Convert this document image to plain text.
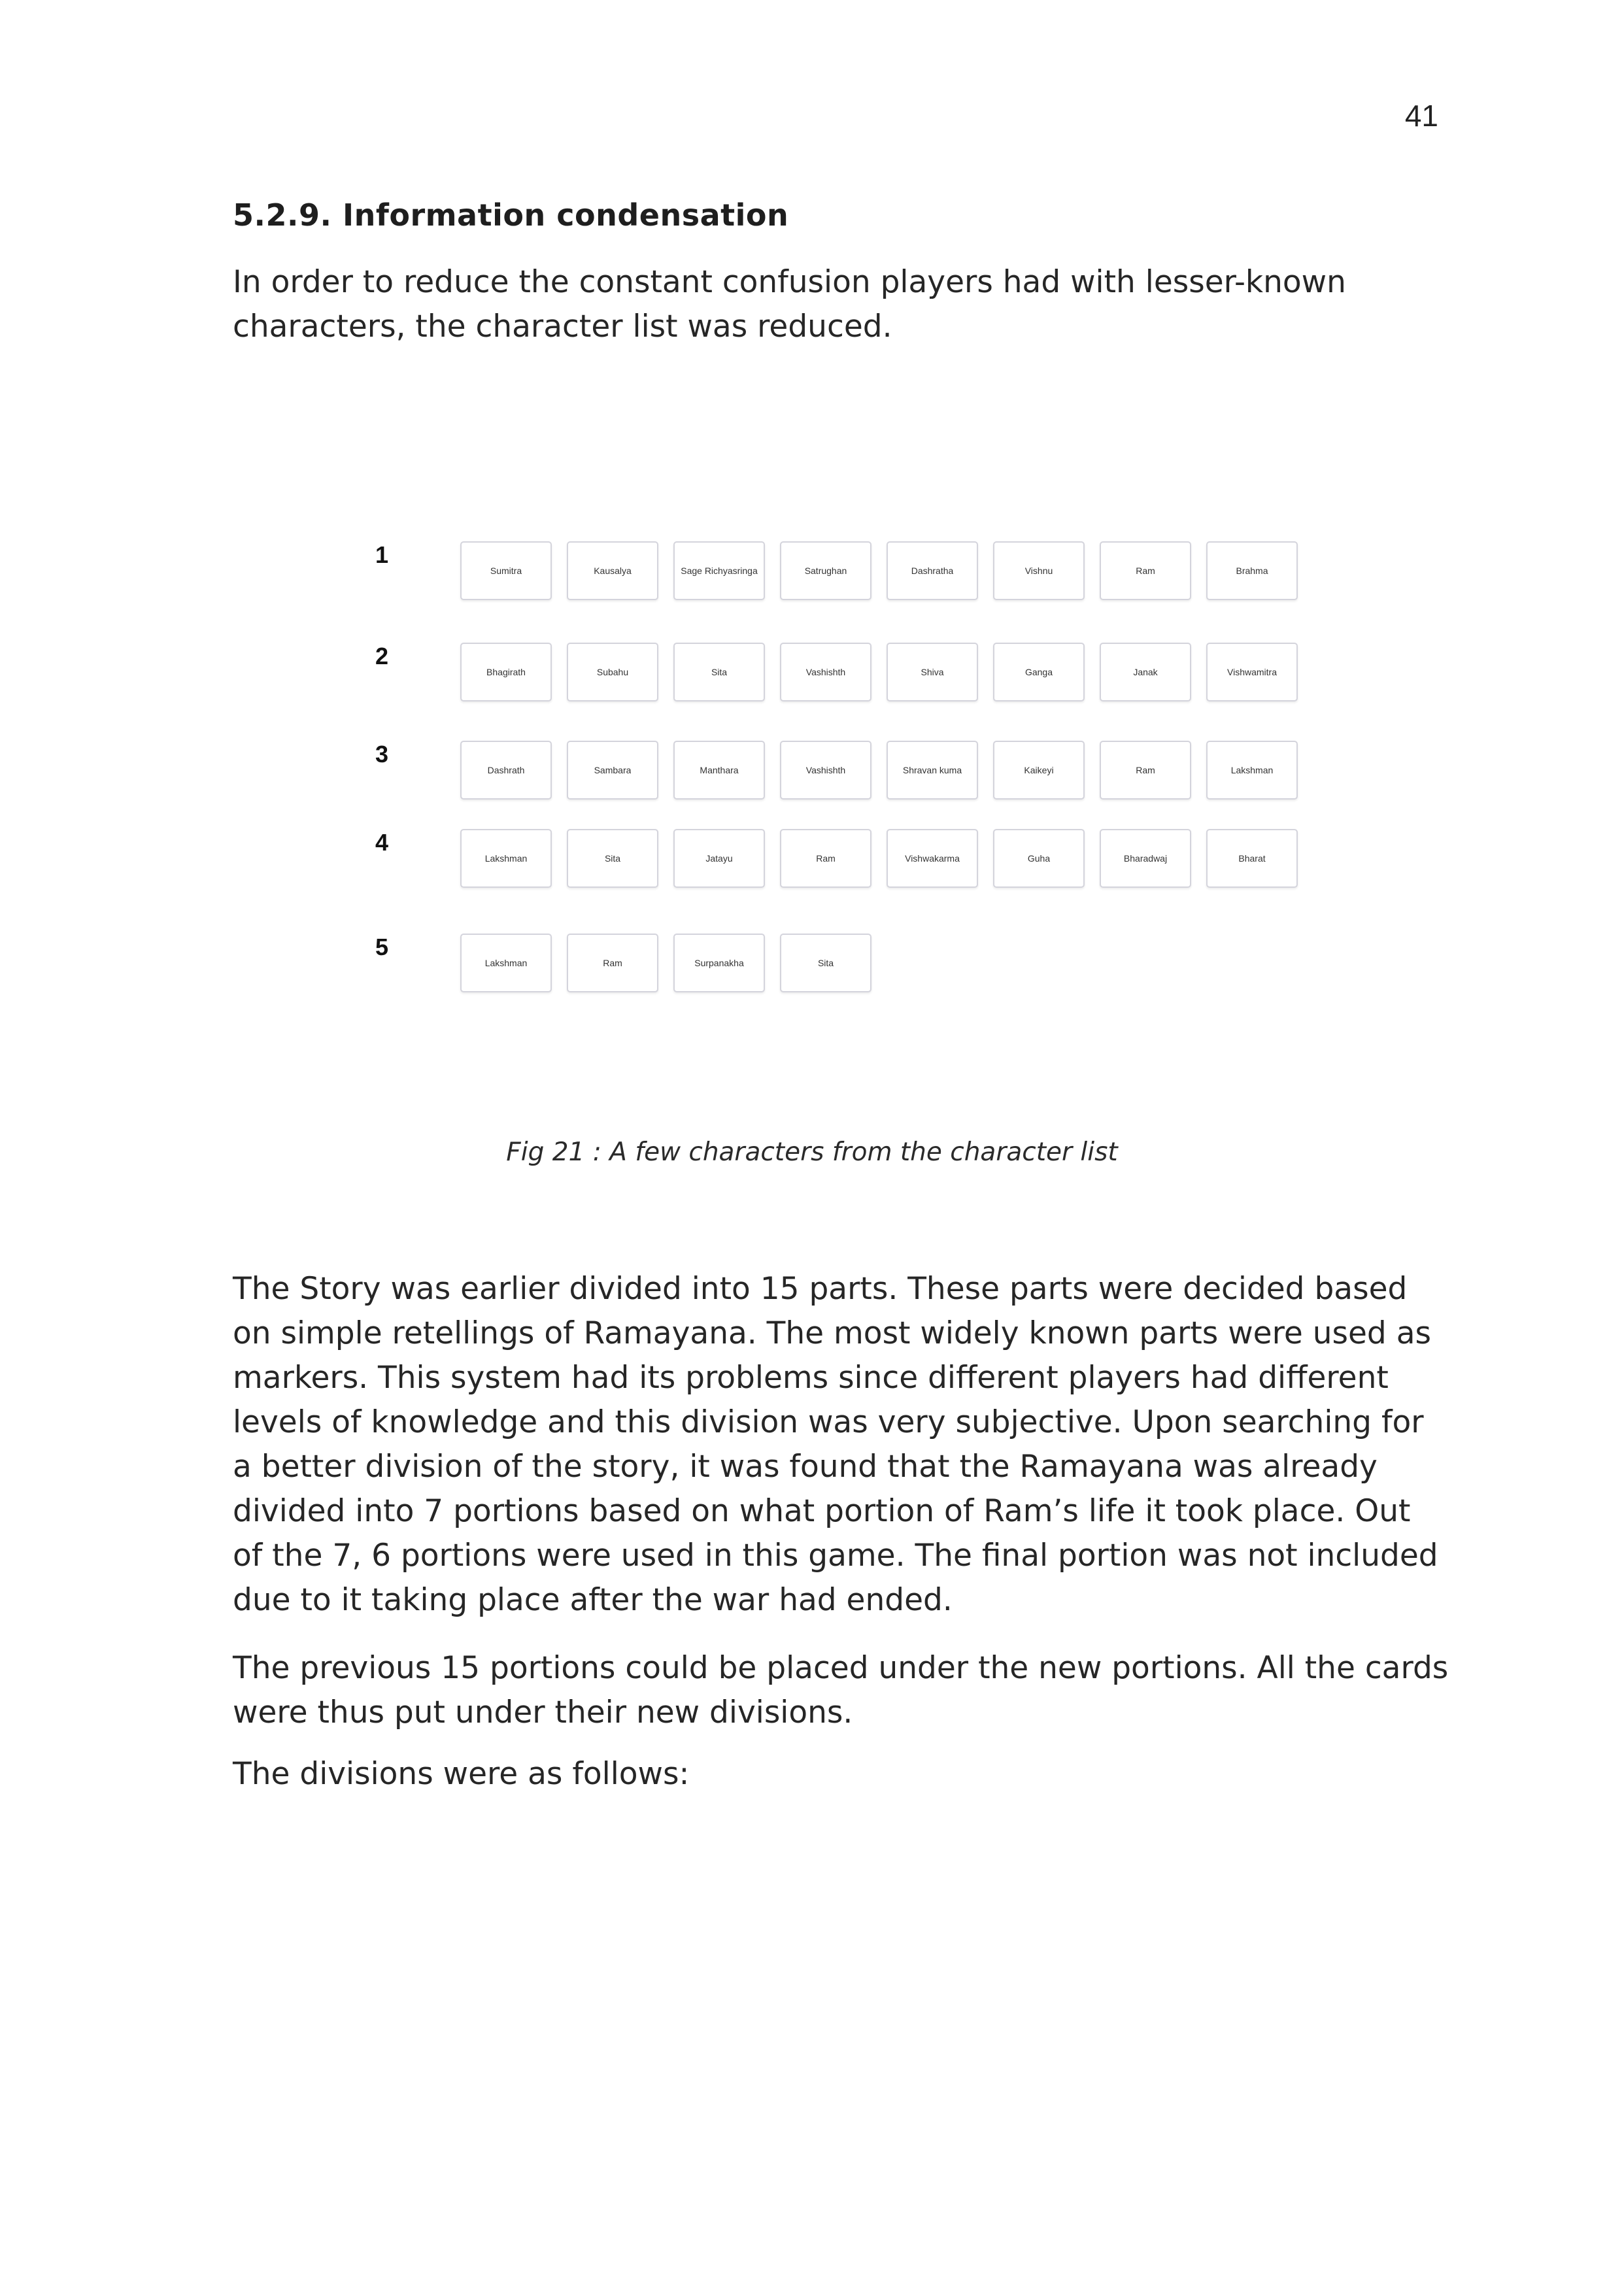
41
5.2.9. Information condensation

In order to reduce the constant confusion players had with lesser-known characters, the character list was reduced.

1
Sumitra	Kausalya	Sage Richyasringa	Satrughan	Dashratha	Vishnu	Ram	Brahma
2
Bhagirath	Subahu	Sita	Vashishth	Shiva	Ganga	Janak	Vishwamitra
3
Dashrath	Sambara	Manthara	Vashishth	Shravan kuma	Kaikeyi	Ram	Lakshman
4
Lakshman	Sita	Jatayu	Ram	Vishwakarma	Guha	Bharadwaj	Bharat
5
Lakshman	Ram	Surpanakha	Sita
Fig 21 : A few characters from the character list

The Story was earlier divided into 15 parts. These parts were decided based on simple retellings of Ramayana. The most widely known parts were used as markers. This system had its problems since different players had different levels of knowledge and this division was very subjective. Upon searching for a better division of the story, it was found that the Ramayana was already divided into 7 portions based on what portion of Ram’s life it took place. Out of the 7, 6 portions were used in this game. The final portion was not included due to it taking place after the war had ended.

The previous 15 portions could be placed under the new portions. All the cards were thus put under their new divisions.

The divisions were as follows:
